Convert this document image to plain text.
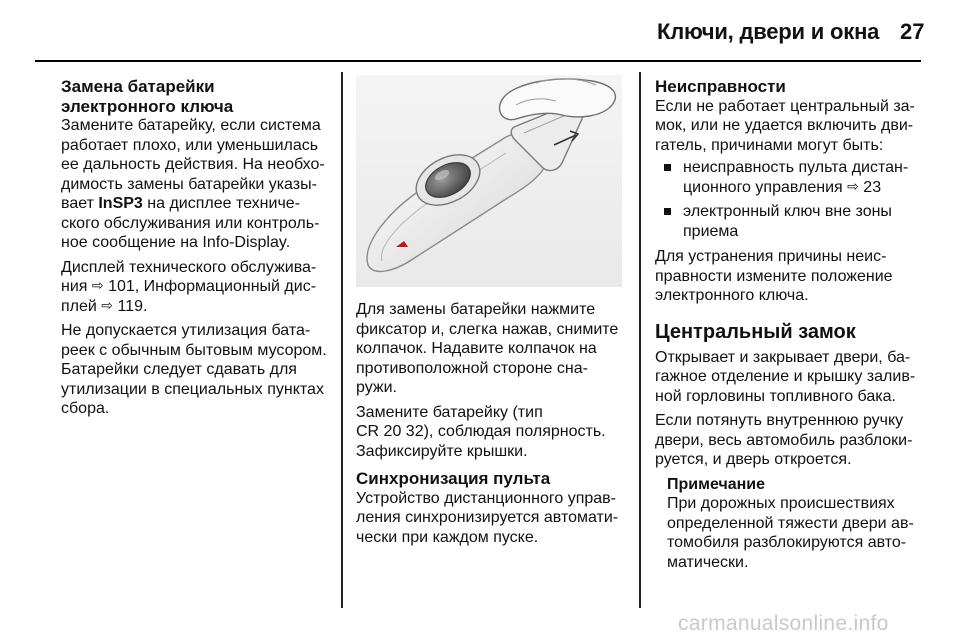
Ключи, двери и окна 27
Замена батарейки
электронного ключа

Замените батарейку, если система
работает плохо, или уменьшилась
ее дальность действия. На необхо-
димость замены батарейки указы-
вает InSP3 на дисплее техниче-
ского обслуживания или контроль-
ное сообщение на Info-Display.

Дисплей технического обслужива-
ния ⇨ 101, Информационный дис-
плей ⇨ 119.

Не допускается утилизация бата-
реек с обычным бытовым мусором.
Батарейки следует сдавать для
утилизации в специальных пунктах
сбора.

Для замены батарейки нажмите
фиксатор и, слегка нажав, снимите
колпачок. Надавите колпачок на
противоположной стороне сна-
ружи.

Замените батарейку (тип
CR 20 32), соблюдая полярность.
Зафиксируйте крышки.

Синхронизация пульта

Устройство дистанционного управ-
ления синхронизируется автомати-
чески при каждом пуске.

Неисправности

Если не работает центральный за-
мок, или не удается включить дви-
гатель, причинами могут быть:

неисправность пульта дистан-
ционного управления ⇨ 23
электронный ключ вне зоны
приема

Для устранения причины неис-
правности измените положение
электронного ключа.

Центральный замок

Открывает и закрывает двери, ба-
гажное отделение и крышку залив-
ной горловины топливного бака.

Если потянуть внутреннюю ручку
двери, весь автомобиль разблоки-
руется, и дверь откроется.

Примечание
При дорожных происшествиях
определенной тяжести двери ав-
томобиля разблокируются авто-
матически.
carmanualsonline.info
